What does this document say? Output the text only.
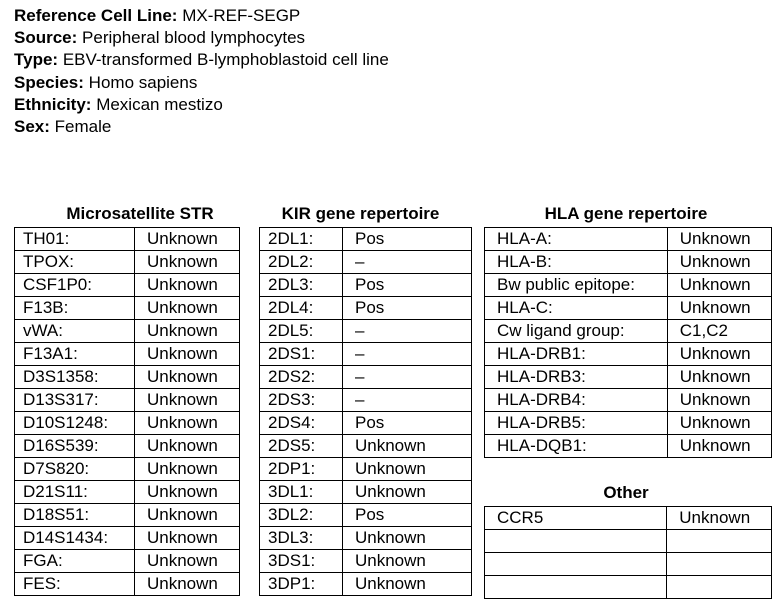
Reference Cell Line: MX-REF-SEGP
Source: Peripheral blood lymphocytes
Type: EBV-transformed B-lymphoblastoid cell line
Species: Homo sapiens
Ethnicity: Mexican mestizo
Sex: Female
Microsatellite STR	KIR gene repertoire	HLA gene repertoire
Other
TH01:	Unknown
TPOX:	Unknown
CSF1P0:	Unknown
F13B:	Unknown
vWA:	Unknown
F13A1:	Unknown
D3S1358:	Unknown
D13S317:	Unknown
D10S1248:	Unknown
D16S539:	Unknown
D7S820:	Unknown
D21S11:	Unknown
D18S51:	Unknown
D14S1434:	Unknown
FGA:	Unknown
FES:	Unknown
2DL1:	Pos
2DL2:	–
2DL3:	Pos
2DL4:	Pos
2DL5:	–
2DS1:	–
2DS2:	–
2DS3:	–
2DS4:	Pos
2DS5:	Unknown
2DP1:	Unknown
3DL1:	Unknown
3DL2:	Pos
3DL3:	Unknown
3DS1:	Unknown
3DP1:	Unknown
HLA-A:	Unknown
HLA-B:	Unknown
Bw public epitope:	Unknown
HLA-C:	Unknown
Cw ligand group:	C1,C2
HLA-DRB1:	Unknown
HLA-DRB3:	Unknown
HLA-DRB4:	Unknown
HLA-DRB5:	Unknown
HLA-DQB1:	Unknown
CCR5	Unknown
